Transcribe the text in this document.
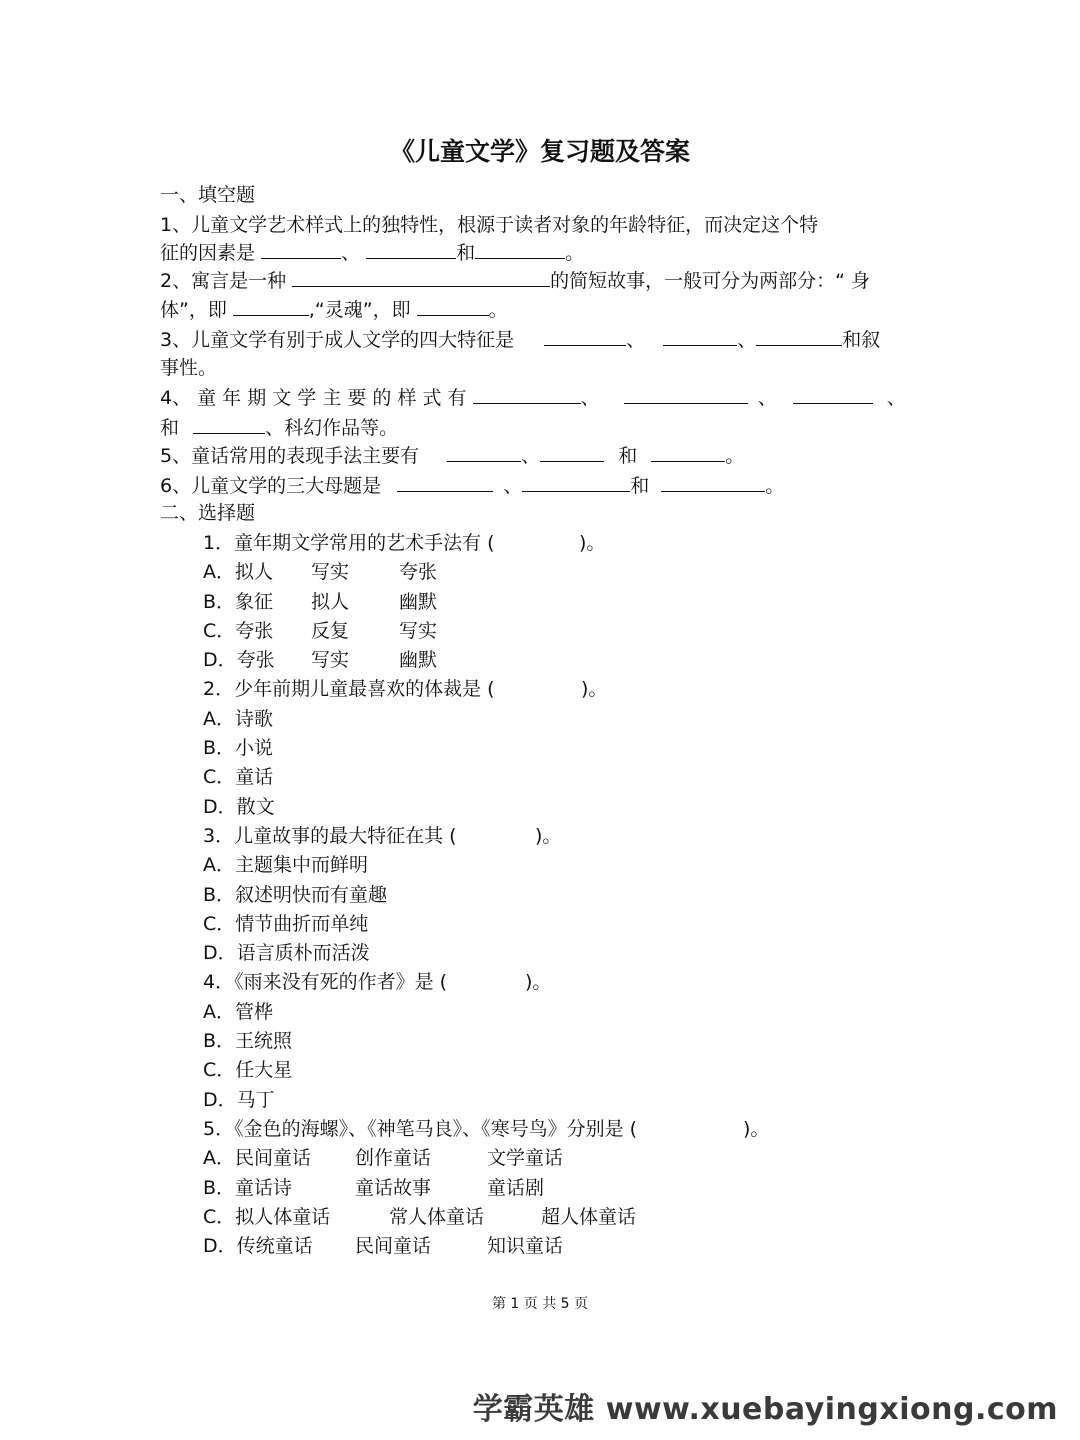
《儿童文学》复习题及答案
一、填空题
1、儿童文学艺术样式上的独特性，根源于读者对象的年龄特征，而决定这个特
征的因素是	、	和	。
2、寓言是一种	的简短故事，一般可分为两部分：“ 身
体”，即	,“灵魂”，即	。
3、儿童文学有别于成人文学的四大特征是	、	、	和叙
事性。
4、 童 年 期 文 学 主 要 的 样 式 有	、	、	、
和	、科幻作品等。
5、童话常用的表现手法主要有	、	和	。
6、儿童文学的三大母题是	、	和	。
二、选择题
1．童年期文学常用的艺术手法有 (	)。
A．拟人 写实	夸张
B．象征 拟人	幽默
C．夸张 反复	写实
D．夸张 写实	幽默
2．少年前期儿童最喜欢的体裁是 (	)。
A．诗歌
B．小说
C．童话
D．散文
3．儿童故事的最大特征在其 (	)。
A．主题集中而鲜明
B．叙述明快而有童趣
C．情节曲折而单纯
D．语言质朴而活泼
4．《雨来没有死的作者》是 (	)。
A．管桦
B．王统照
C．任大星
D．马丁
5．《金色的海螺》、《神笔马良》、《寒号鸟》分别是 (	)。
A．民间童话 创作童话	文学童话
B．童话诗	童话故事	童话剧
C．拟人体童话	常人体童话	超人体童话
D．传统童话 民间童话	知识童话
第 1 页 共 5 页
学霸英雄 www.xuebayingxiong.com
